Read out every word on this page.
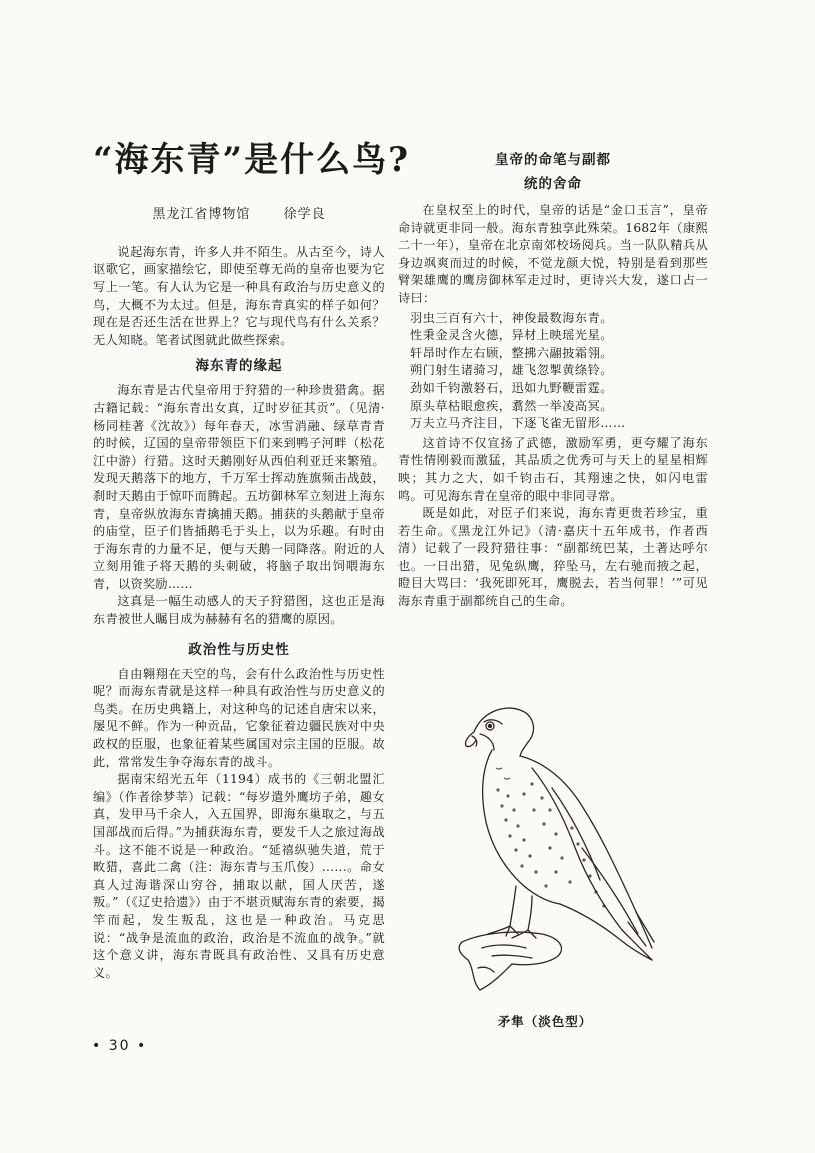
“海东青”是什么鸟?
黑龙江省博物馆	徐学良

说起海东青，许多人并不陌生。从古至今，诗人讴歌它，画家描绘它，即使至尊无尚的皇帝也要为它写上一笔。有人认为它是一种具有政治与历史意义的鸟，大概不为太过。但是，海东青真实的样子如何？现在是否还生活在世界上？它与现代鸟有什么关系？无人知晓。笔者试图就此做些探索。

海东青的缘起

海东青是古代皇帝用于狩猎的一种珍贵猎禽。据古籍记载：“海东青出女真，辽时岁征其贡”。（见清·杨同桂著《沈故》）每年春天，冰雪消融、绿草青青的时候，辽国的皇帝带领臣下们来到鸭子河畔（松花江中游）行猎。这时天鹅刚好从西伯利亚迁来繁殖。发现天鹅落下的地方，千万军士挥动旌旗频击战鼓，刹时天鹅由于惊吓而腾起。五坊御林军立刻进上海东青，皇帝纵放海东青擒捕天鹅。捕获的头鹅献于皇帝的庙堂，臣子们皆插鹅毛于头上，以为乐趣。有时由于海东青的力量不足，便与天鹅一同降落。附近的人立刻用锥子将天鹅的头刺破，将脑子取出饲喂海东青，以资奖励……

这真是一幅生动感人的天子狩猎图，这也正是海东青被世人瞩目成为赫赫有名的猎鹰的原因。

政治性与历史性

自由翱翔在天空的鸟，会有什么政治性与历史性呢？而海东青就是这样一种具有政治性与历史意义的鸟类。在历史典籍上，对这种鸟的记述自唐宋以来，屡见不鲜。作为一种贡品，它象征着边疆民族对中央政权的臣服，也象征着某些属国对宗主国的臣服。故此，常常发生争夺海东青的战斗。

据南宋绍光五年（1194）成书的《三朝北盟汇编》（作者徐梦莘）记载：“每岁遣外鹰坊子弟，趣女真，发甲马千余人，入五国界，即海东巢取之，与五国部战而后得。”为捕获海东青，要发千人之旅过海战斗。这不能不说是一种政治。“延禧纵驰失道，荒于畋猎，喜此二禽（注：海东青与玉爪俊）……。命女真人过海谐深山穷谷，捕取以献，国人厌苦，遂叛。”（《辽史拾遗》）由于不堪贡赋海东青的索要，揭竿而起，发生叛乱，这也是一种政治。马克思说：“战争是流血的政治，政治是不流血的战争。”就这个意义讲，海东青既具有政治性、又具有历史意义。

皇帝的命笔与副都
统的舍命

在皇权至上的时代，皇帝的话是“金口玉言”，皇帝命诗就更非同一般。海东青独享此殊荣。1682年（康熙二十一年），皇帝在北京南郊校场阅兵。当一队队精兵从身边飒爽而过的时候，不觉龙颜大悦，特别是看到那些臂架雄鹰的鹰房御林军走过时，更诗兴大发，遂口占一诗曰：

羽虫三百有六十，神俊最数海东青。
性秉金灵含火德，异材上映瑶光星。
轩昂时作左右顾，整拂六翮披霜翎。
朔门射生诸骑习，雄飞忽掣黄绦铃。
劲如千钧激砮石，迅如九野鞭雷霆。
原头草枯眼愈疾，翥然一举凌高冥。
万夫立马齐注目，下逐飞雀无留形……

这首诗不仅宣扬了武德，激励军勇，更夸耀了海东青性情刚毅而激猛，其品质之优秀可与天上的星星相辉映；其力之大，如千钧击石，其翔速之快，如闪电雷鸣。可见海东青在皇帝的眼中非同寻常。

既是如此，对臣子们来说，海东青更贵若珍宝，重若生命。《黑龙江外记》（清·嘉庆十五年成书，作者西清）记载了一段狩猎往事：“副都统巴某，土著达呼尔也。一日出猎，见兔纵鹰，猝坠马，左右驰而掖之起，瞪目大骂曰：‘我死即死耳，鹰脱去，若当何罪！’”可见海东青重于副都统自己的生命。

矛隼（淡色型）
• 30 •
